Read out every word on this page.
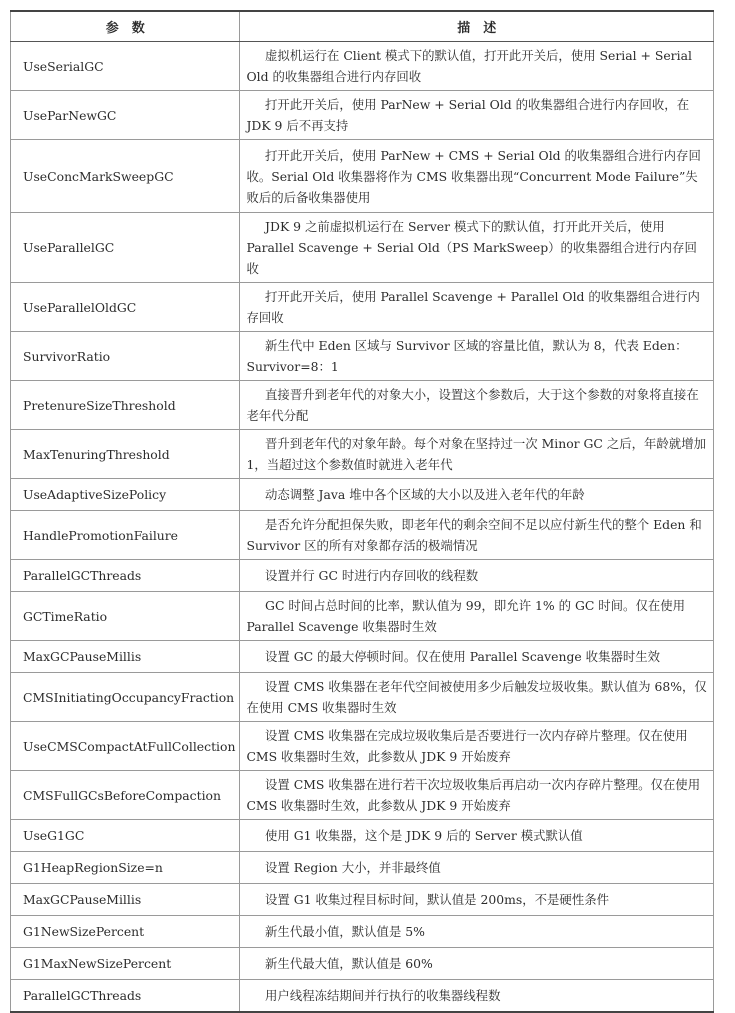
参　数	描　述
UseSerialGC	虚拟机运行在 Client 模式下的默认值，打开此开关后，使用 Serial + Serial Old 的收集器组合进行内存回收
UseParNewGC	打开此开关后，使用 ParNew + Serial Old 的收集器组合进行内存回收，在 JDK 9 后不再支持
UseConcMarkSweepGC	打开此开关后，使用 ParNew + CMS + Serial Old 的收集器组合进行内存回收。Serial Old 收集器将作为 CMS 收集器出现“Concurrent Mode Failure”失败后的后备收集器使用
UseParallelGC	JDK 9 之前虚拟机运行在 Server 模式下的默认值，打开此开关后，使用 Parallel Scavenge + Serial Old（PS MarkSweep）的收集器组合进行内存回收
UseParallelOldGC	打开此开关后，使用 Parallel Scavenge + Parallel Old 的收集器组合进行内存回收
SurvivorRatio	新生代中 Eden 区域与 Survivor 区域的容量比值，默认为 8，代表 Eden：Survivor=8：1
PretenureSizeThreshold	直接晋升到老年代的对象大小，设置这个参数后，大于这个参数的对象将直接在老年代分配
MaxTenuringThreshold	晋升到老年代的对象年龄。每个对象在坚持过一次 Minor GC 之后，年龄就增加 1，当超过这个参数值时就进入老年代
UseAdaptiveSizePolicy	动态调整 Java 堆中各个区域的大小以及进入老年代的年龄
HandlePromotionFailure	是否允许分配担保失败，即老年代的剩余空间不足以应付新生代的整个 Eden 和 Survivor 区的所有对象都存活的极端情况
ParallelGCThreads	设置并行 GC 时进行内存回收的线程数
GCTimeRatio	GC 时间占总时间的比率，默认值为 99，即允许 1% 的 GC 时间。仅在使用 Parallel Scavenge 收集器时生效
MaxGCPauseMillis	设置 GC 的最大停顿时间。仅在使用 Parallel Scavenge 收集器时生效
CMSInitiatingOccupancyFraction	设置 CMS 收集器在老年代空间被使用多少后触发垃圾收集。默认值为 68%，仅在使用 CMS 收集器时生效
UseCMSCompactAtFullCollection	设置 CMS 收集器在完成垃圾收集后是否要进行一次内存碎片整理。仅在使用 CMS 收集器时生效，此参数从 JDK 9 开始废弃
CMSFullGCsBeforeCompaction	设置 CMS 收集器在进行若干次垃圾收集后再启动一次内存碎片整理。仅在使用 CMS 收集器时生效，此参数从 JDK 9 开始废弃
UseG1GC	使用 G1 收集器，这个是 JDK 9 后的 Server 模式默认值
G1HeapRegionSize=n	设置 Region 大小，并非最终值
MaxGCPauseMillis	设置 G1 收集过程目标时间，默认值是 200ms，不是硬性条件
G1NewSizePercent	新生代最小值，默认值是 5%
G1MaxNewSizePercent	新生代最大值，默认值是 60%
ParallelGCThreads	用户线程冻结期间并行执行的收集器线程数
